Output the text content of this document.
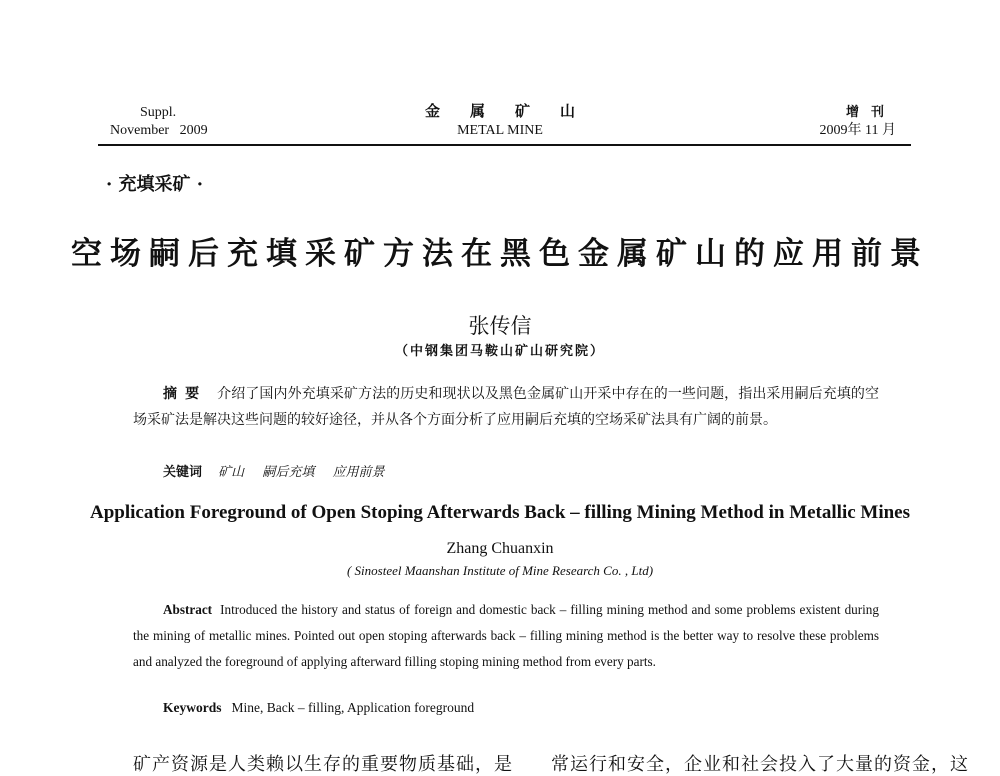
Suppl.
November   2009
金属矿山
METAL MINE
增刊
2009年 11 月
· 充填采矿 ·
空场嗣后充填采矿方法在黑色金属矿山的应用前景
张传信
（中钢集团马鞍山矿山研究院）
摘要 介绍了国内外充填采矿方法的历史和现状以及黑色金属矿山开采中存在的一些问题，指出采用嗣后充填的空场采矿法是解决这些问题的较好途径，并从各个方面分析了应用嗣后充填的空场采矿法具有广阔的前景。
关键词 矿山 嗣后充填 应用前景
Application Foreground of Open Stoping Afterwards Back – filling Mining Method in Metallic Mines
Zhang Chuanxin
( Sinosteel Maanshan Institute of Mine Research Co. , Ltd)
Abstract Introduced the history and status of foreign and domestic back – filling mining method and some problems existent during the mining of metallic mines. Pointed out open stoping afterwards back – filling mining method is the better way to resolve these problems and analyzed the foreground of applying afterward filling stoping mining method from every parts.
Keywords Mine, Back – filling, Application foreground
矿产资源是人类赖以生存的重要物质基础，是　　常运行和安全，企业和社会投入了大量的资金，这
